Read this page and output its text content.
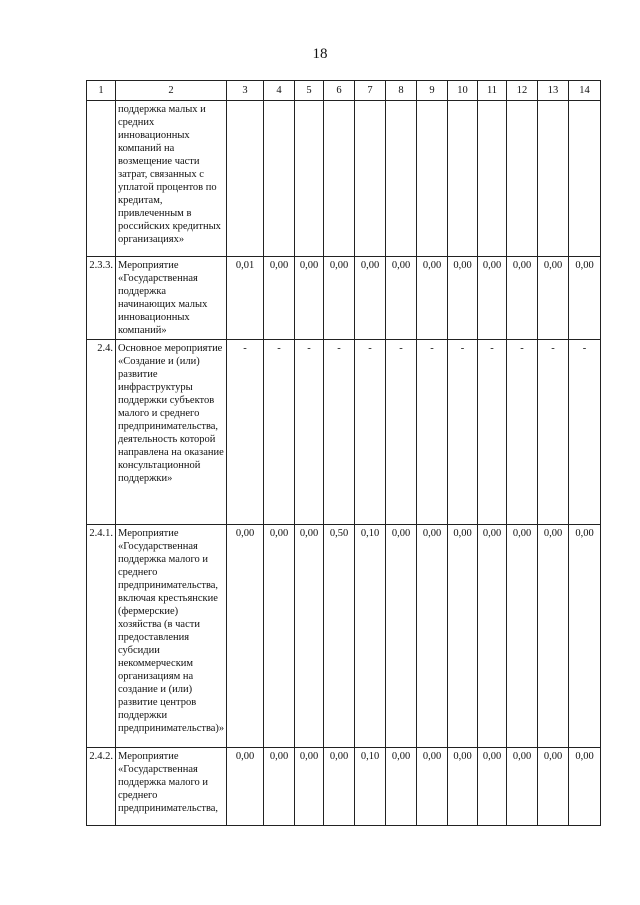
18
1	2	3	4	5	6	7	8	9	10	11	12	13	14
	поддержка малых и средних инновационных компаний на возмещение части затрат, связанных с уплатой процентов по кредитам, привлеченным в российских кредитных организациях»												
2.3.3.	Мероприятие «Государственная поддержка начинающих малых инновационных компаний»	0,01	0,00	0,00	0,00	0,00	0,00	0,00	0,00	0,00	0,00	0,00	0,00
2.4.	Основное мероприятие «Создание и (или) развитие инфраструктуры поддержки субъектов малого и среднего предпринимательства, деятельность которой направлена на оказание консультационной поддержки»	-	-	-	-	-	-	-	-	-	-	-	-
2.4.1.	Мероприятие «Государственная поддержка малого и среднего предпринимательства, включая крестьянские (фермерские) хозяйства (в части предоставления субсидии некоммерческим организациям на создание и (или) развитие центров поддержки предпринимательства)»	0,00	0,00	0,00	0,50	0,10	0,00	0,00	0,00	0,00	0,00	0,00	0,00
2.4.2.	Мероприятие «Государственная поддержка малого и среднего предпринимательства,	0,00	0,00	0,00	0,00	0,10	0,00	0,00	0,00	0,00	0,00	0,00	0,00
